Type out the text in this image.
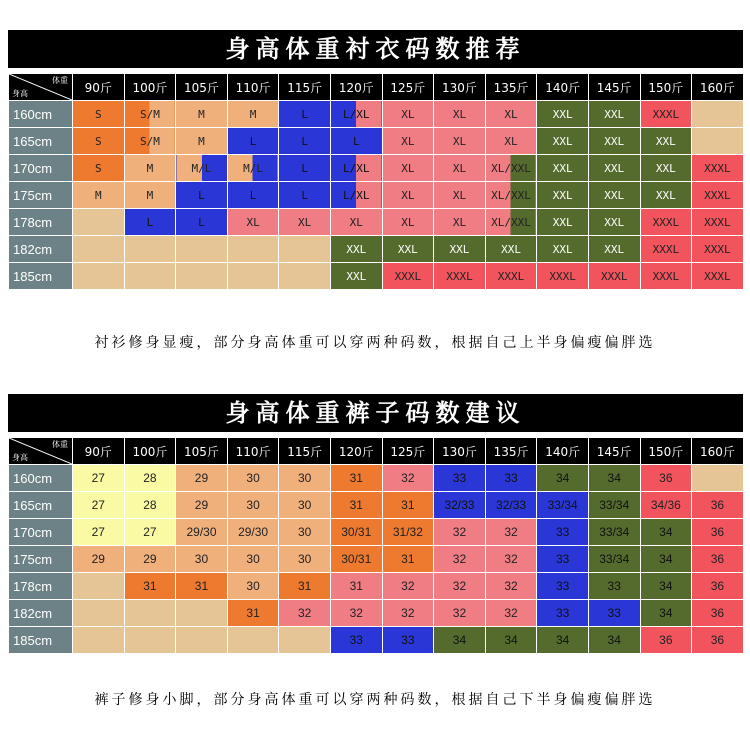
身高体重衬衣码数推荐
体重
身高	90斤	100斤	105斤	110斤	115斤	120斤	125斤	130斤	135斤	140斤	145斤	150斤	160斤
160cm	S	S/M	M	M	L	L/XL	XL	XL	XL	XXL	XXL	XXXL	
165cm	S	S/M	M	L	L	L	XL	XL	XL	XXL	XXL	XXL	
170cm	S	M	M/L	M/L	L	L/XL	XL	XL	XL/XXL	XXL	XXL	XXL	XXXL
175cm	M	M	L	L	L	L/XL	XL	XL	XL/XXL	XXL	XXL	XXL	XXXL
178cm		L	L	XL	XL	XL	XL	XL	XL/XXL	XXL	XXL	XXXL	XXXL
182cm						XXL	XXL	XXL	XXL	XXL	XXL	XXXL	XXXL
185cm						XXL	XXXL	XXXL	XXXL	XXXL	XXXL	XXXL	XXXL
衬衫修身显瘦，部分身高体重可以穿两种码数，根据自己上半身偏瘦偏胖选
身高体重裤子码数建议
体重
身高	90斤	100斤	105斤	110斤	115斤	120斤	125斤	130斤	135斤	140斤	145斤	150斤	160斤
160cm	27	28	29	30	30	31	32	33	33	34	34	36	
165cm	27	28	29	30	30	31	31	32/33	32/33	33/34	33/34	34/36	36
170cm	27	27	29/30	29/30	30	30/31	31/32	32	32	33	33/34	34	36
175cm	29	29	30	30	30	30/31	31	32	32	33	33/34	34	36
178cm		31	31	30	31	31	32	32	32	33	33	34	36
182cm				31	32	32	32	32	32	33	33	34	36
185cm						33	33	34	34	34	34	36	36
裤子修身小脚，部分身高体重可以穿两种码数，根据自己下半身偏瘦偏胖选
